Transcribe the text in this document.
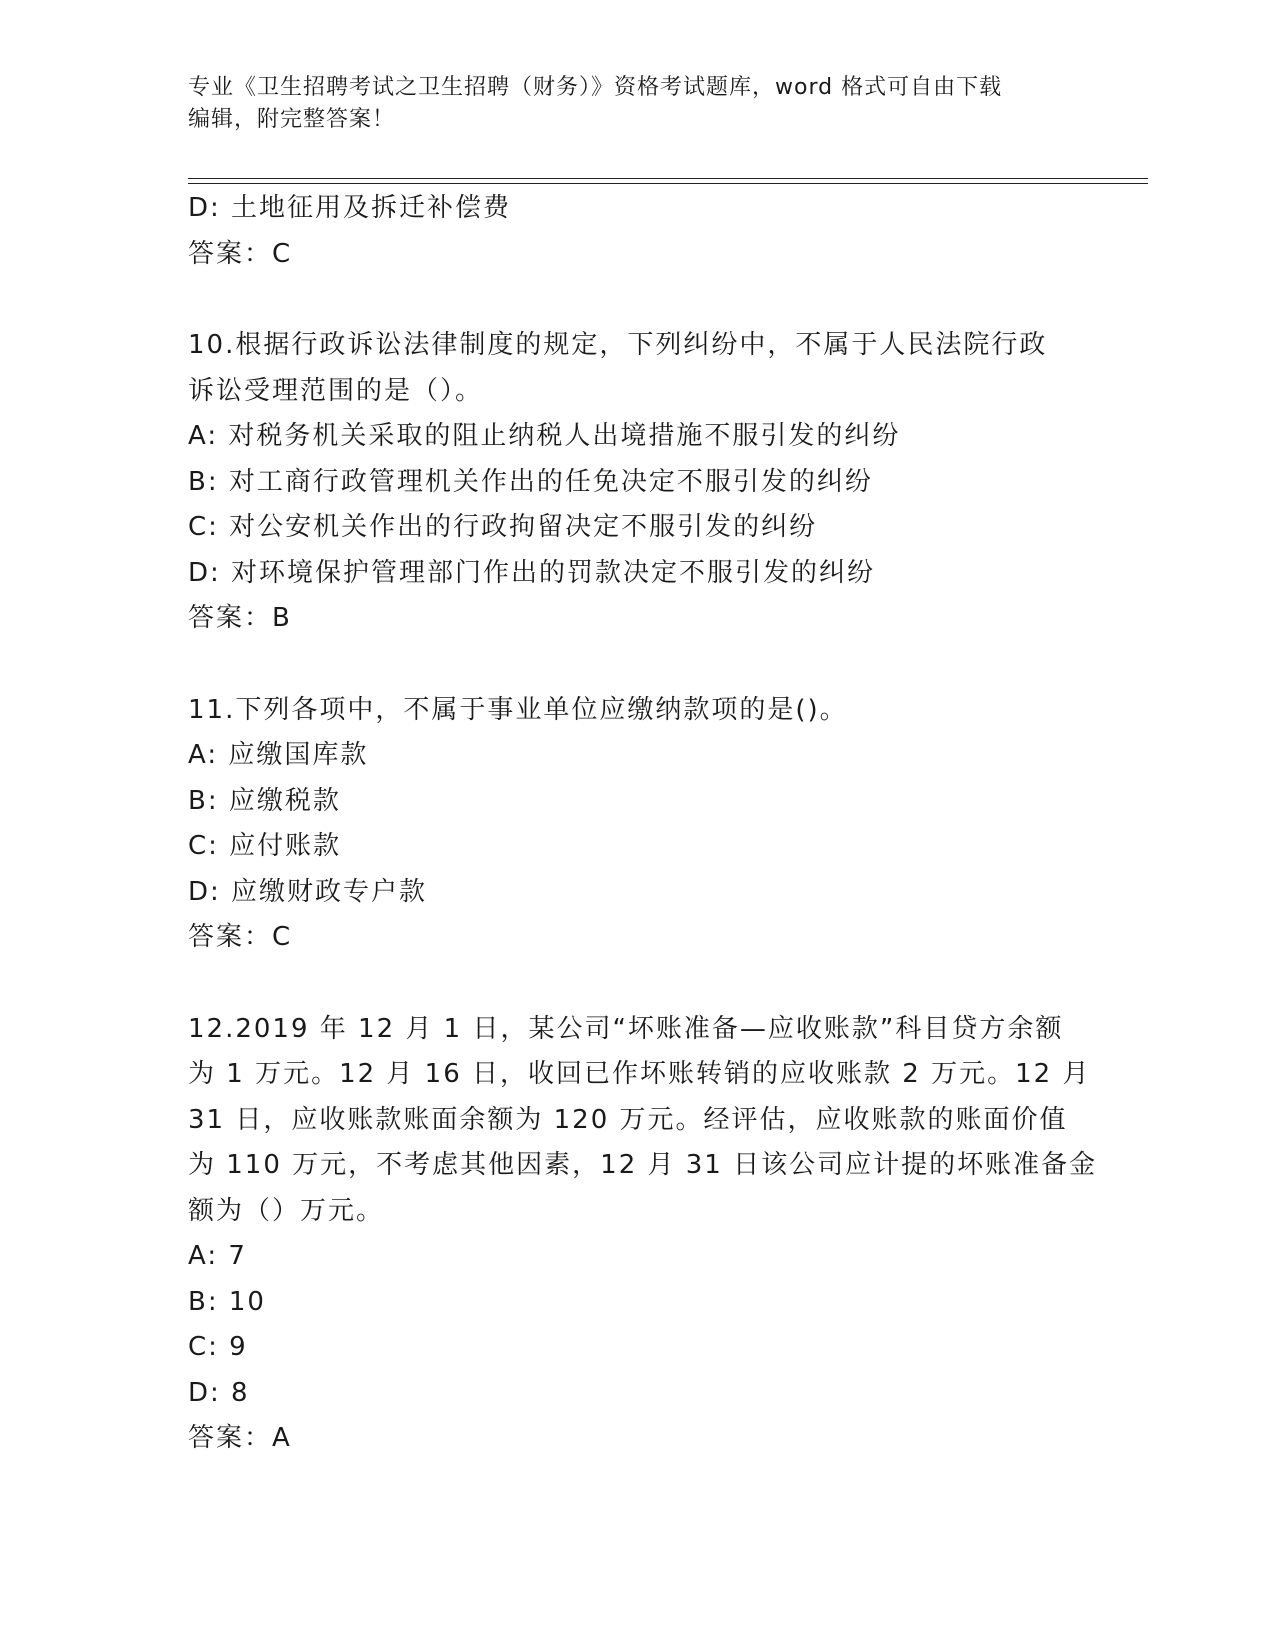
专业《卫生招聘考试之卫生招聘（财务）》资格考试题库，word 格式可自由下载
编辑，附完整答案！
D: 土地征用及拆迁补偿费
答案：C
10.根据行政诉讼法律制度的规定，下列纠纷中，不属于人民法院行政
诉讼受理范围的是（）。
A: 对税务机关采取的阻止纳税人出境措施不服引发的纠纷
B: 对工商行政管理机关作出的任免决定不服引发的纠纷
C: 对公安机关作出的行政拘留决定不服引发的纠纷
D: 对环境保护管理部门作出的罚款决定不服引发的纠纷
答案：B
11.下列各项中，不属于事业单位应缴纳款项的是()。
A: 应缴国库款
B: 应缴税款
C: 应付账款
D: 应缴财政专户款
答案：C
12.2019 年 12 月 1 日，某公司“坏账准备—应收账款”科目贷方余额
为 1 万元。12 月 16 日，收回已作坏账转销的应收账款 2 万元。12 月
31 日，应收账款账面余额为 120 万元。经评估，应收账款的账面价值
为 110 万元，不考虑其他因素，12 月 31 日该公司应计提的坏账准备金
额为（）万元。
A: 7
B: 10
C: 9
D: 8
答案：A
